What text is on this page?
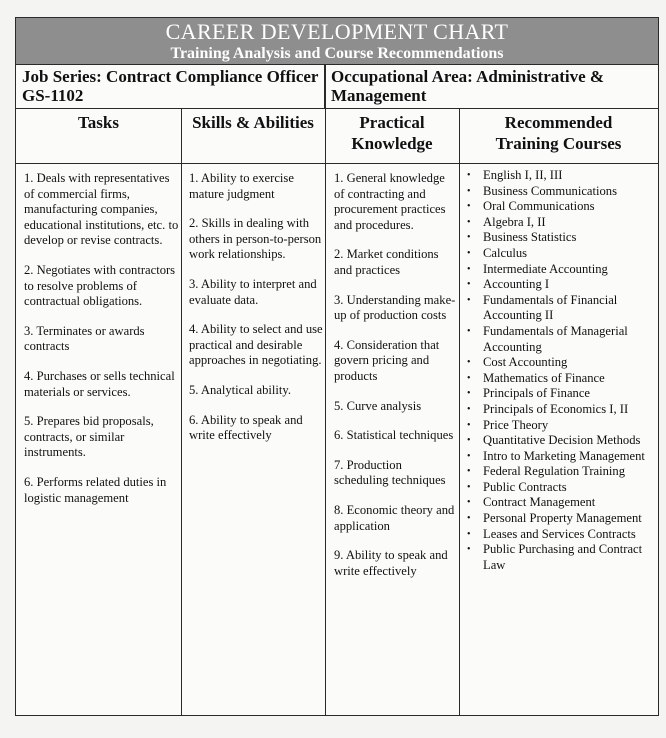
CAREER DEVELOPMENT CHART
Training Analysis and Course Recommendations
Job Series: Contract Compliance Officer GS-1102
Occupational Area: Administrative & Management
Tasks	Skills & Abilities	Practical Knowledge
Recommended Training Courses

1. Deals with representatives of commercial firms, manufacturing companies, educational institutions, etc. to develop or revise contracts.

2. Negotiates with contractors to resolve problems of contractual obligations.

3. Terminates or awards contracts

4. Purchases or sells technical materials or services.

5. Prepares bid proposals, contracts, or similar instruments.

6. Performs related duties in logistic management

1. Ability to exercise mature judgment

2. Skills in dealing with others in person-to-person work relationships.

3. Ability to interpret and evaluate data.

4. Ability to select and use practical and desirable approaches in negotiating.

5. Analytical ability.

6. Ability to speak and write effectively

1. General knowledge of contracting and procurement practices and procedures.

2. Market conditions and practices

3. Understanding make-up of production costs

4. Consideration that govern pricing and products

5. Curve analysis

6. Statistical techniques

7. Production scheduling techniques

8. Economic theory and application

9. Ability to speak and write effectively

• English I, II, III
• Business Communications
• Oral Communications
• Algebra I, II
• Business Statistics
• Calculus
• Intermediate Accounting
• Accounting I
• Fundamentals of Financial Accounting II
• Fundamentals of Managerial Accounting
• Cost Accounting
• Mathematics of Finance
• Principals of Finance
• Principals of Economics I, II
• Price Theory
• Quantitative Decision Methods
• Intro to Marketing Management
• Federal Regulation Training
• Public Contracts
• Contract Management
• Personal Property Management
• Leases and Services Contracts
• Public Purchasing and Contract Law
